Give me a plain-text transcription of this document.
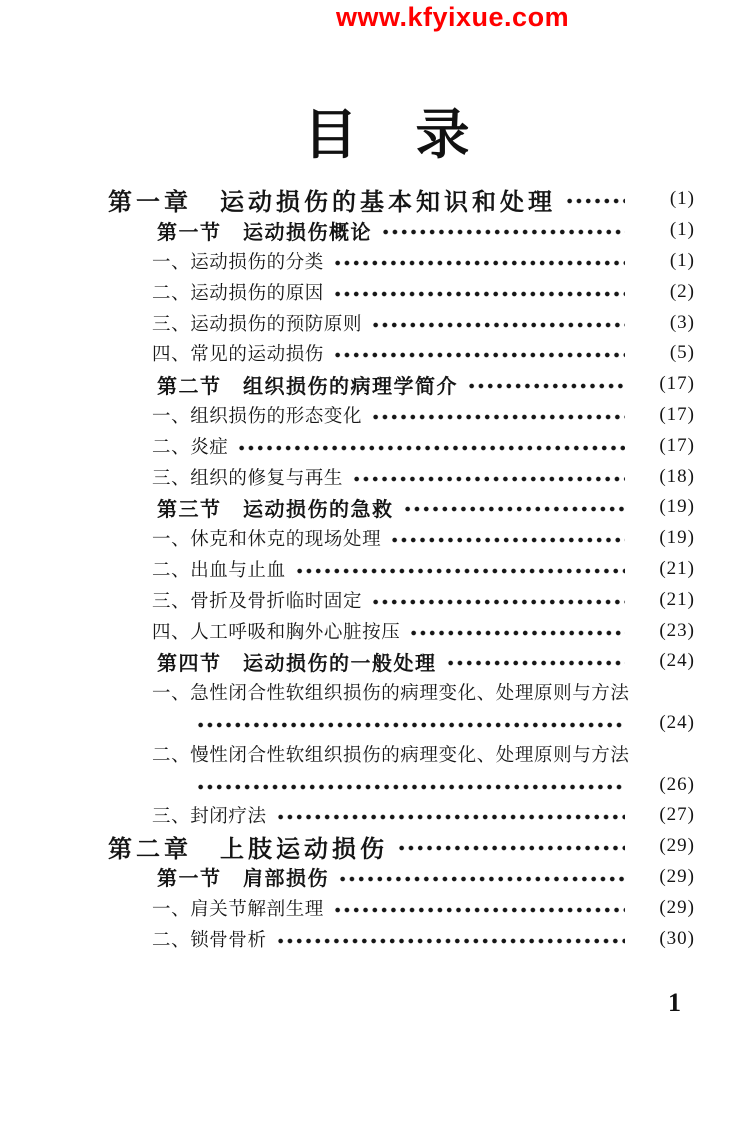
www.kfyixue.com
目　录
第一章　运动损伤的基本知识和处理	(1)
第一节　运动损伤概论	(1)
一、运动损伤的分类	(1)
二、运动损伤的原因	(2)
三、运动损伤的预防原则	(3)
四、常见的运动损伤	(5)
第二节　组织损伤的病理学简介	(17)
一、组织损伤的形态变化	(17)
二、炎症	(17)
三、组织的修复与再生	(18)
第三节　运动损伤的急救	(19)
一、休克和休克的现场处理	(19)
二、出血与止血	(21)
三、骨折及骨折临时固定	(21)
四、人工呼吸和胸外心脏按压	(23)
第四节　运动损伤的一般处理	(24)
一、急性闭合性软组织损伤的病理变化、处理原则与方法
(24)
二、慢性闭合性软组织损伤的病理变化、处理原则与方法
(26)
三、封闭疗法	(27)
第二章　上肢运动损伤	(29)
第一节　肩部损伤	(29)
一、肩关节解剖生理	(29)
二、锁骨骨析	(30)
1
